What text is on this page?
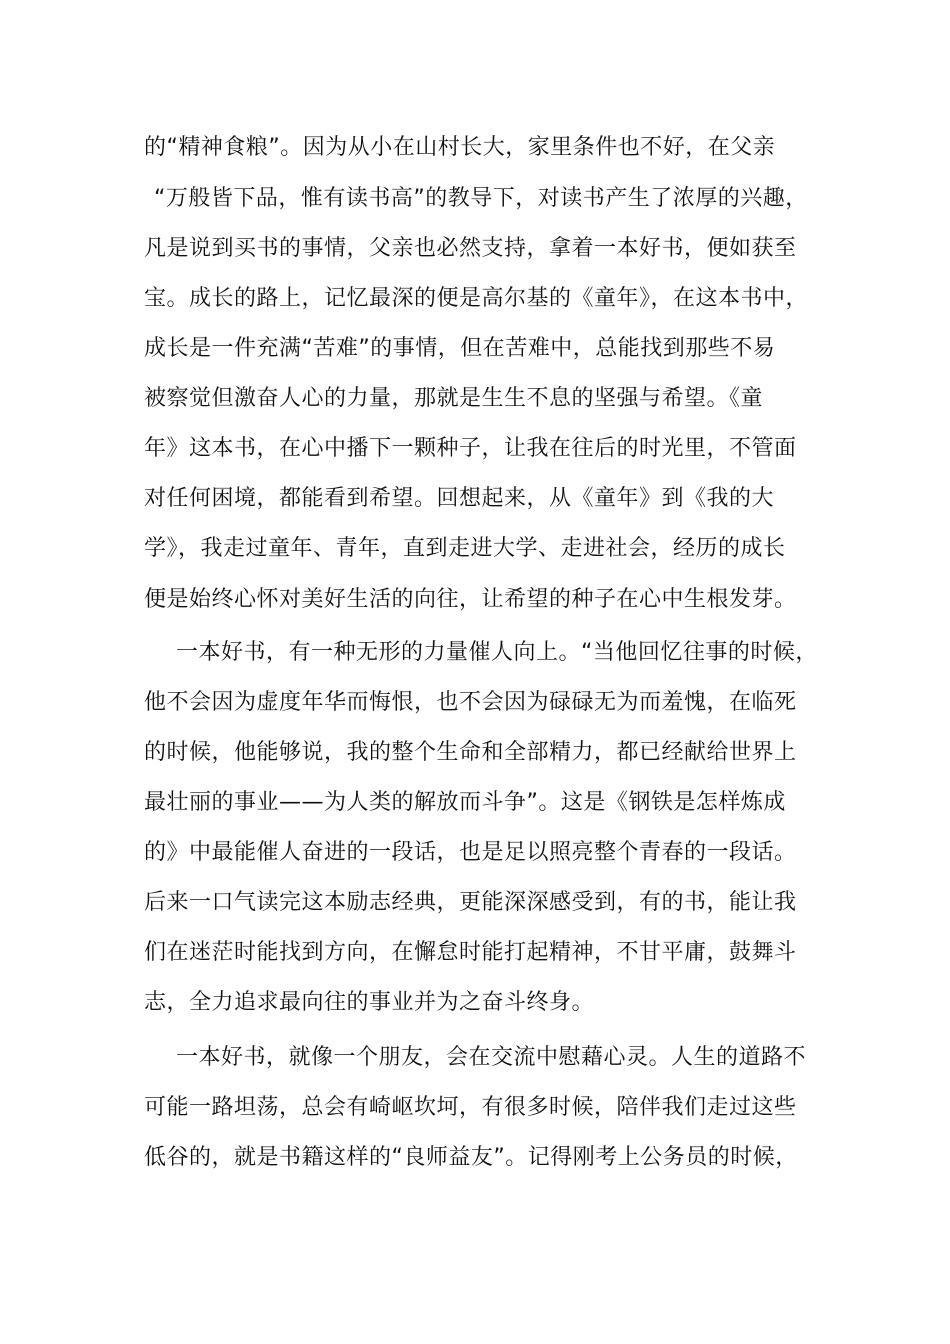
的“精神食粮”。因为从小在山村长大，家里条件也不好，在父亲
“万般皆下品，惟有读书高”的教导下，对读书产生了浓厚的兴趣，
凡是说到买书的事情，父亲也必然支持，拿着一本好书，便如获至
宝。成长的路上，记忆最深的便是高尔基的《童年》，在这本书中，
成长是一件充满“苦难”的事情，但在苦难中，总能找到那些不易
被察觉但激奋人心的力量，那就是生生不息的坚强与希望。《童
年》这本书，在心中播下一颗种子，让我在往后的时光里，不管面
对任何困境，都能看到希望。回想起来，从《童年》到《我的大
学》，我走过童年、青年，直到走进大学、走进社会，经历的成长
便是始终心怀对美好生活的向往，让希望的种子在心中生根发芽。
一本好书，有一种无形的力量催人向上。“当他回忆往事的时候，
他不会因为虚度年华而悔恨，也不会因为碌碌无为而羞愧，在临死
的时候，他能够说，我的整个生命和全部精力，都已经献给世界上
最壮丽的事业——为人类的解放而斗争”。这是《钢铁是怎样炼成
的》中最能催人奋进的一段话，也是足以照亮整个青春的一段话。
后来一口气读完这本励志经典，更能深深感受到，有的书，能让我
们在迷茫时能找到方向，在懈怠时能打起精神，不甘平庸，鼓舞斗
志，全力追求最向往的事业并为之奋斗终身。
一本好书，就像一个朋友，会在交流中慰藉心灵。人生的道路不
可能一路坦荡，总会有崎岖坎坷，有很多时候，陪伴我们走过这些
低谷的，就是书籍这样的“良师益友”。记得刚考上公务员的时候，
